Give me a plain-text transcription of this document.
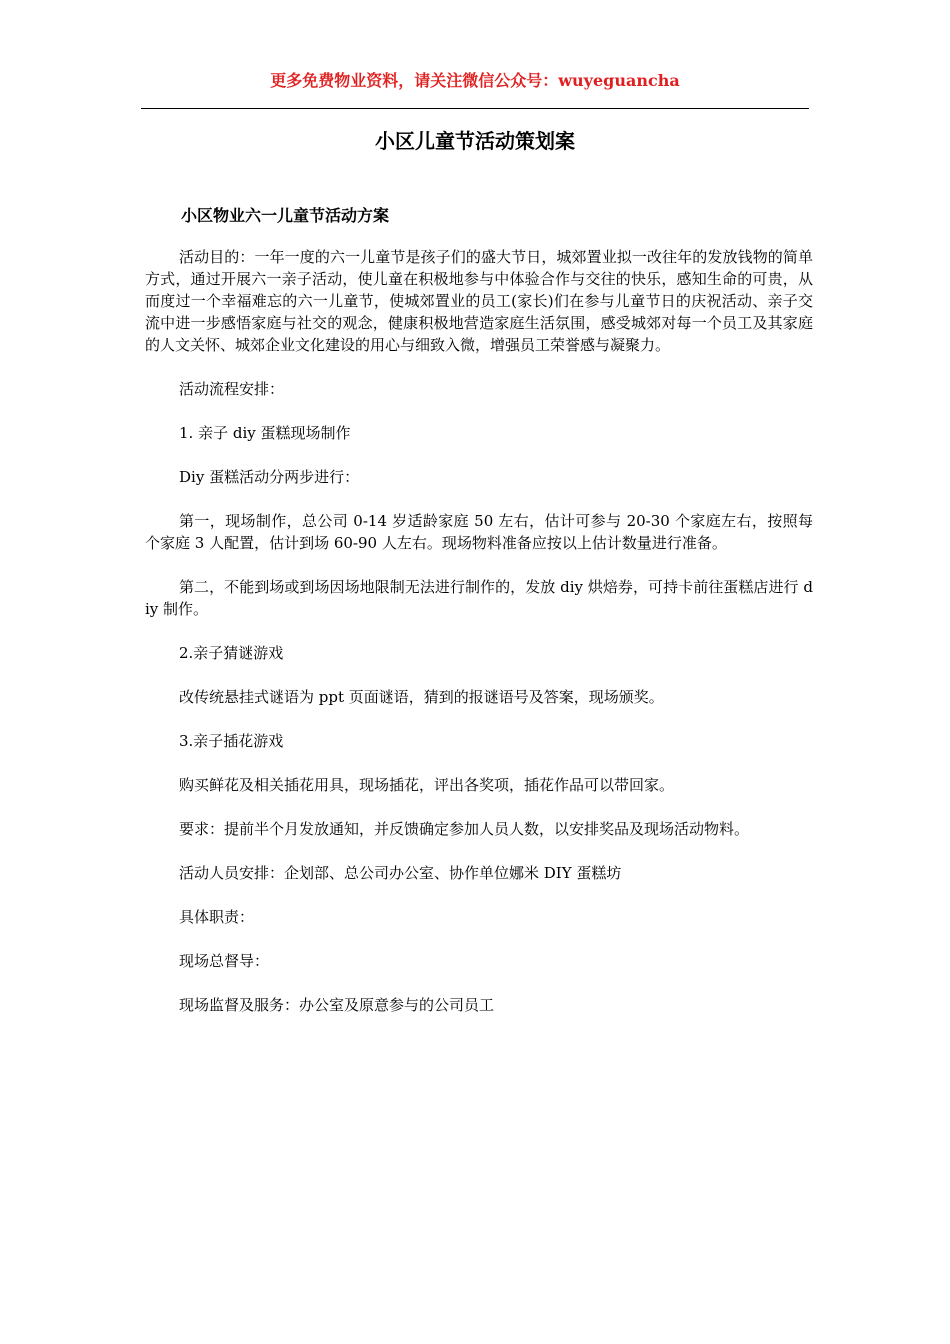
更多免费物业资料，请关注微信公众号：wuyeguancha
小区儿童节活动策划案
小区物业六一儿童节活动方案

活动目的：一年一度的六一儿童节是孩子们的盛大节日，城郊置业拟一改往年的发放钱物的简单方式，通过开展六一亲子活动，使儿童在积极地参与中体验合作与交往的快乐，感知生命的可贵，从而度过一个幸福难忘的六一儿童节，使城郊置业的员工(家长)们在参与儿童节日的庆祝活动、亲子交流中进一步感悟家庭与社交的观念，健康积极地营造家庭生活氛围，感受城郊对每一个员工及其家庭的人文关怀、城郊企业文化建设的用心与细致入微，增强员工荣誉感与凝聚力。

活动流程安排：

1. 亲子 diy 蛋糕现场制作

Diy 蛋糕活动分两步进行：

第一，现场制作，总公司 0-14 岁适龄家庭 50 左右，估计可参与 20-30 个家庭左右，按照每个家庭 3 人配置，估计到场 60-90 人左右。现场物料准备应按以上估计数量进行准备。

第二，不能到场或到场因场地限制无法进行制作的，发放 diy 烘焙券，可持卡前往蛋糕店进行 diy 制作。

2.亲子猜谜游戏

改传统悬挂式谜语为 ppt 页面谜语，猜到的报谜语号及答案，现场颁奖。

3.亲子插花游戏

购买鲜花及相关插花用具，现场插花，评出各奖项，插花作品可以带回家。

要求：提前半个月发放通知，并反馈确定参加人员人数，以安排奖品及现场活动物料。

活动人员安排：企划部、总公司办公室、协作单位娜米 DIY 蛋糕坊

具体职责：

现场总督导：

现场监督及服务：办公室及原意参与的公司员工
